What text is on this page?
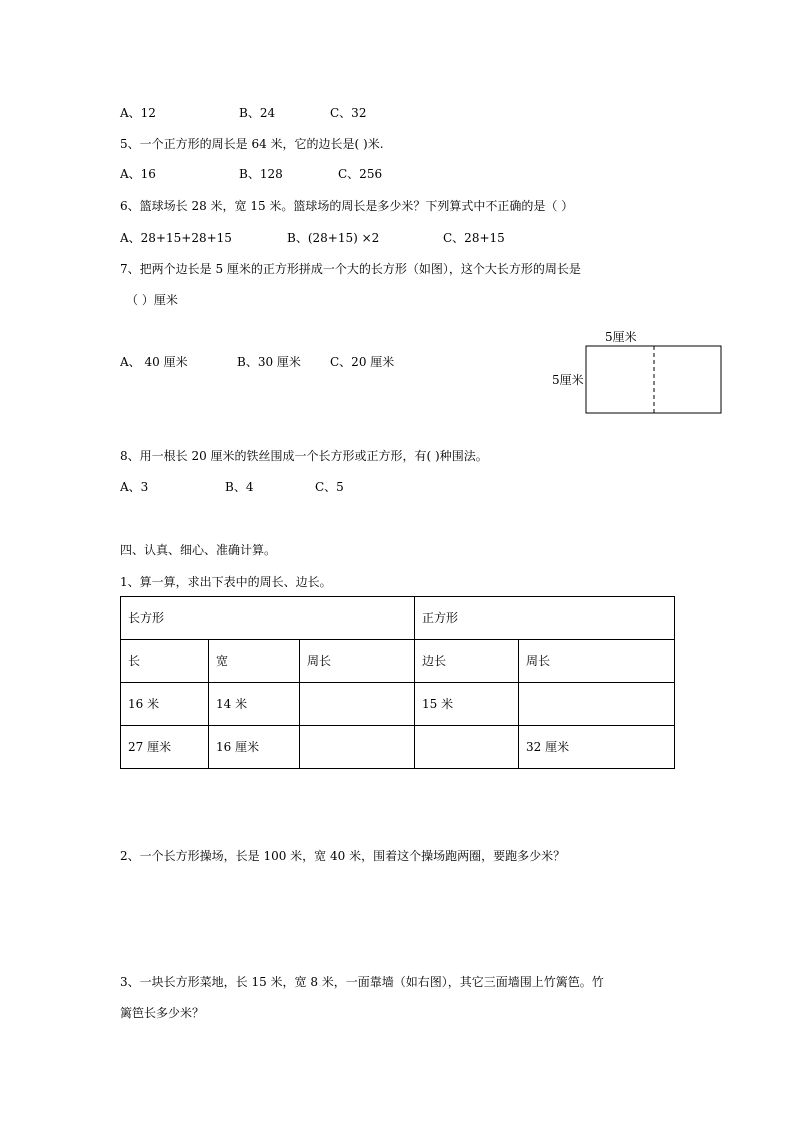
A、12	B、24	C、32
5、一个正方形的周长是 64 米，它的边长是( )米.
A、16	B、128	C、256
6、篮球场长 28 米，宽 15 米。篮球场的周长是多少米？下列算式中不正确的是（ ）
A、28+15+28+15	B、(28+15) ×2	C、28+15
7、把两个边长是 5 厘米的正方形拼成一个大的长方形（如图），这个大长方形的周长是
（ ）厘米
A、 40 厘米	B、30 厘米 C、20 厘米
5厘米
5厘米
8、用一根长 20 厘米的铁丝围成一个长方形或正方形，有( )种围法。
A、3	B、4	C、5
四、认真、细心、准确计算。
1、算一算，求出下表中的周长、边长。
长方形			正方形	
长	宽	周长	边长	周长
16 米	14 米		15 米	
27 厘米	16 厘米			32 厘米
2、一个长方形操场，长是 100 米，宽 40 米，围着这个操场跑两圈，要跑多少米？
3、一块长方形菜地，长 15 米，宽 8 米，一面靠墙（如右图），其它三面墙围上竹篱笆。竹
篱笆长多少米？
